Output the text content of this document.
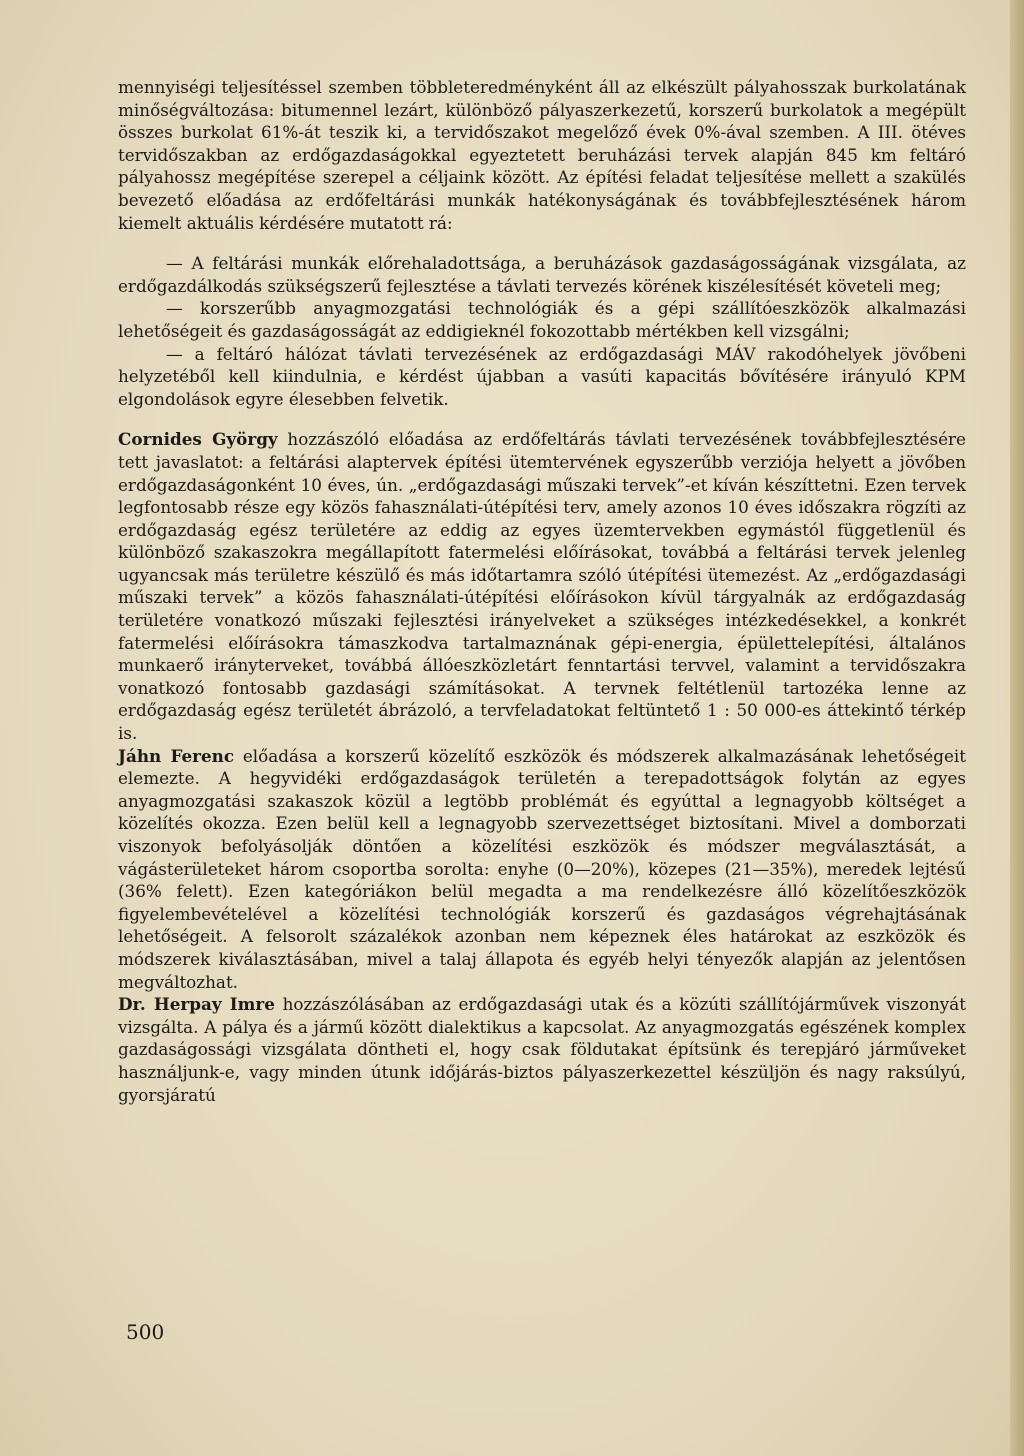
mennyiségi teljesítéssel szemben többleteredményként áll az elkészült pályahosszak burkolatának minőségváltozása: bitumennel lezárt, különböző pályaszerkezetű, korszerű burkolatok a megépült összes burkolat 61%-át teszik ki, a tervidőszakot megelőző évek 0%-ával szemben. A III. ötéves tervidőszakban az erdőgazdaságokkal egyeztetett beruházási tervek alapján 845 km feltáró pályahossz megépítése szerepel a céljaink között. Az építési feladat teljesítése mellett a szakülés bevezető előadása az erdőfeltárási munkák hatékonyságának és továbbfejlesztésének három kiemelt aktuális kérdésére mutatott rá:

— A feltárási munkák előrehaladottsága, a beruházások gazdaságosságának vizsgálata, az erdőgazdálkodás szükségszerű fejlesztése a távlati tervezés körének kiszélesítését követeli meg;

— korszerűbb anyagmozgatási technológiák és a gépi szállítóeszközök alkalmazási lehetőségeit és gazdaságosságát az eddigieknél fokozottabb mértékben kell vizsgálni;

— a feltáró hálózat távlati tervezésének az erdőgazdasági MÁV rakodóhelyek jövőbeni helyzetéből kell kiindulnia, e kérdést újabban a vasúti kapacitás bővítésére irányuló KPM elgondolások egyre élesebben felvetik.

Cornides György hozzászóló előadása az erdőfeltárás távlati tervezésének továbbfejlesztésére tett javaslatot: a feltárási alaptervek építési ütemtervének egyszerűbb verziója helyett a jövőben erdőgazdaságonként 10 éves, ún. „erdőgazdasági műszaki tervek”-et kíván készíttetni. Ezen tervek legfontosabb része egy közös fahasználati-útépítési terv, amely azonos 10 éves időszakra rögzíti az erdőgazdaság egész területére az eddig az egyes üzemtervekben egymástól függetlenül és különböző szakaszokra megállapított fatermelési előírásokat, továbbá a feltárási tervek jelenleg ugyancsak más területre készülő és más időtartamra szóló útépítési ütemezést. Az „erdőgazdasági műszaki tervek” a közös fahasználati-útépítési előírásokon kívül tárgyalnák az erdőgazdaság területére vonatkozó műszaki fejlesztési irányelveket a szükséges intézkedésekkel, a konkrét fatermelési előírásokra támaszkodva tartalmaznának gépi-energia, épülettelepítési, általános munkaerő irányterveket, továbbá állóeszközletárt fenntartási tervvel, valamint a tervidőszakra vonatkozó fontosabb gazdasági számításokat. A tervnek feltétlenül tartozéka lenne az erdőgazdaság egész területét ábrázoló, a tervfeladatokat feltüntető 1 : 50 000-es áttekintő térkép is.

Jáhn Ferenc előadása a korszerű közelítő eszközök és módszerek alkalmazásának lehetőségeit elemezte. A hegyvidéki erdőgazdaságok területén a terepadottságok folytán az egyes anyagmozgatási szakaszok közül a legtöbb problémát és egyúttal a legnagyobb költséget a közelítés okozza. Ezen belül kell a legnagyobb szervezettséget biztosítani. Mivel a domborzati viszonyok befolyásolják döntően a közelítési eszközök és módszer megválasztását, a vágásterületeket három csoportba sorolta: enyhe (0—20%), közepes (21—35%), meredek lejtésű (36% felett). Ezen kategóriákon belül megadta a ma rendelkezésre álló közelítőeszközök figyelembevételével a közelítési technológiák korszerű és gazdaságos végrehajtásának lehetőségeit. A felsorolt százalékok azonban nem képeznek éles határokat az eszközök és módszerek kiválasztásában, mivel a talaj állapota és egyéb helyi tényezők alapján az jelentősen megváltozhat.

Dr. Herpay Imre hozzászólásában az erdőgazdasági utak és a közúti szállítójárművek viszonyát vizsgálta. A pálya és a jármű között dialektikus a kapcsolat. Az anyagmozgatás egészének komplex gazdaságossági vizsgálata döntheti el, hogy csak földutakat építsünk és terepjáró járműveket használjunk-e, vagy minden útunk időjárás-biztos pályaszerkezettel készüljön és nagy raksúlyú, gyorsjáratú

500
